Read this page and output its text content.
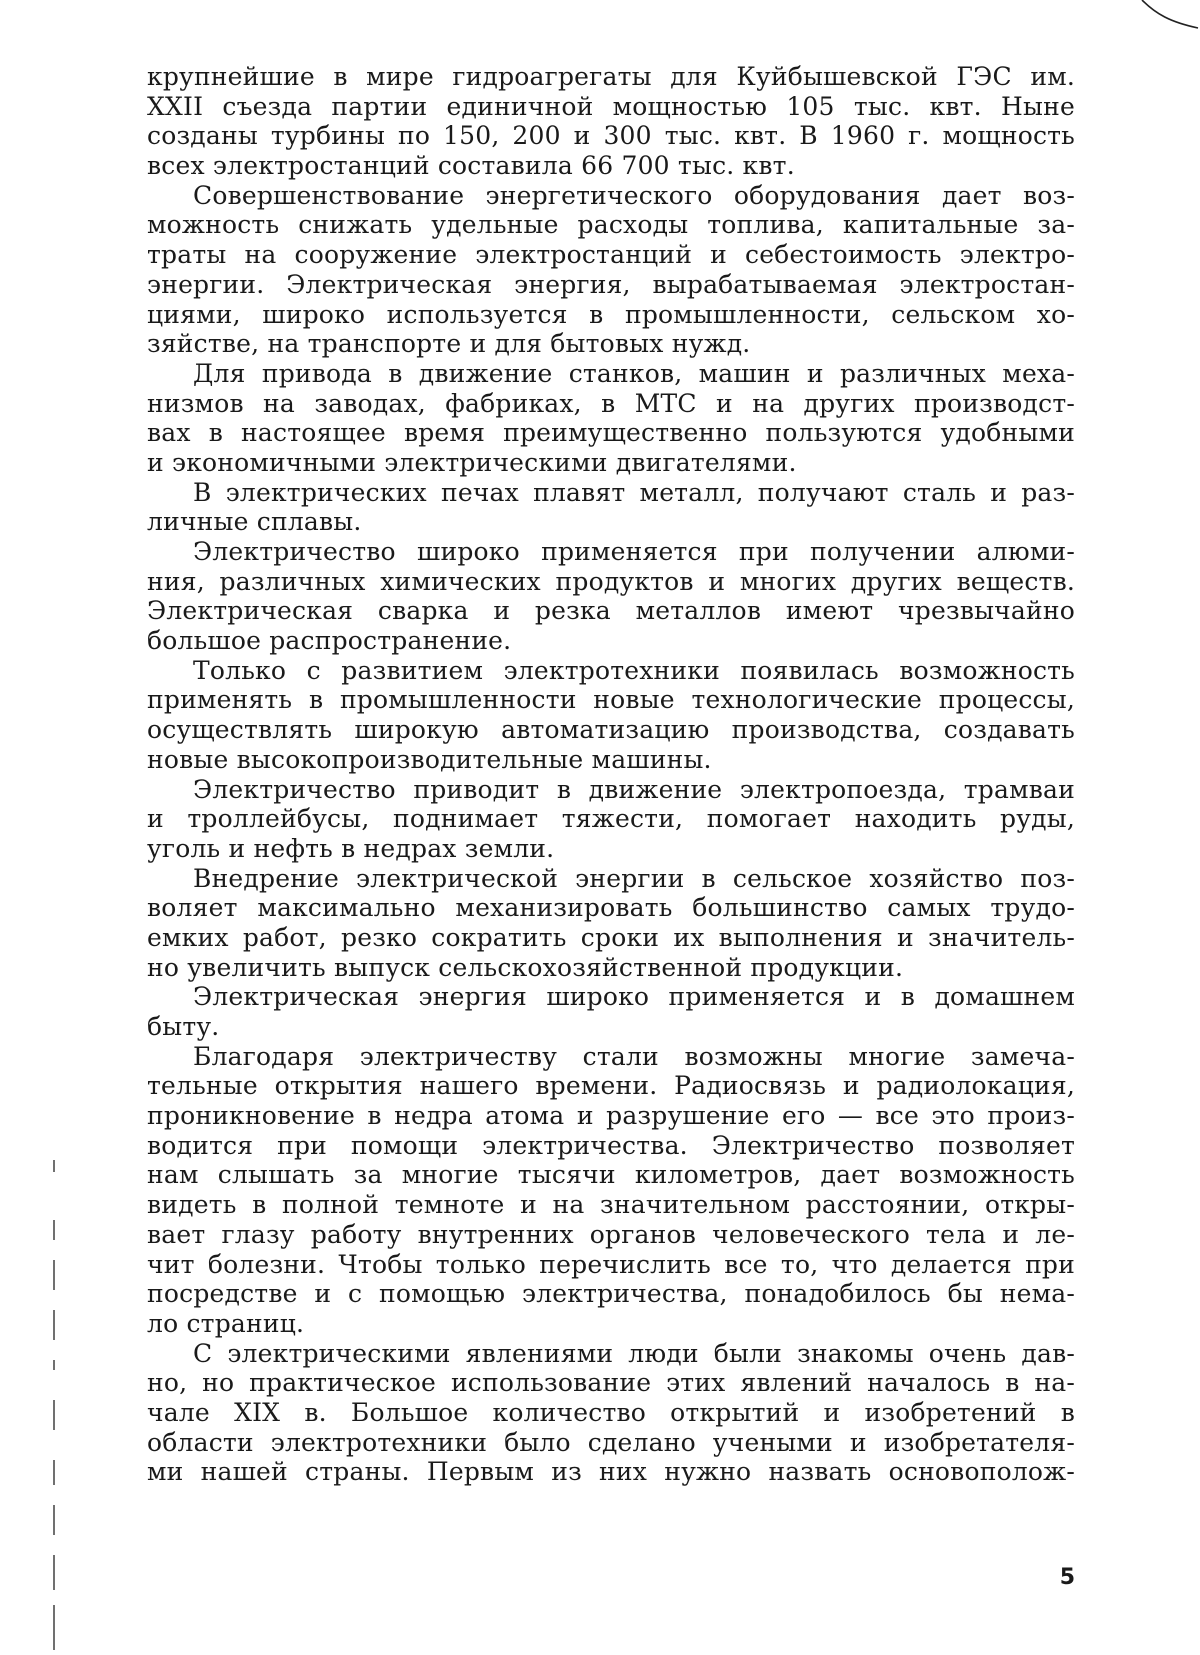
крупнейшие в мире гидроагрегаты для Куйбышевской ГЭС им.
XXII съезда партии единичной мощностью 105 тыс. квт. Ныне
созданы турбины по 150, 200 и 300 тыс. квт. В 1960 г. мощность
всех электростанций составила 66 700 тыс. квт.
Совершенствование энергетического оборудования дает воз-
можность снижать удельные расходы топлива, капитальные за-
траты на сооружение электростанций и себестоимость электро-
энергии. Электрическая энергия, вырабатываемая электростан-
циями, широко используется в промышленности, сельском хо-
зяйстве, на транспорте и для бытовых нужд.
Для привода в движение станков, машин и различных меха-
низмов на заводах, фабриках, в МТС и на других производст-
вах в настоящее время преимущественно пользуются удобными
и экономичными электрическими двигателями.
В электрических печах плавят металл, получают сталь и раз-
личные сплавы.
Электричество широко применяется при получении алюми-
ния, различных химических продуктов и многих других веществ.
Электрическая сварка и резка металлов имеют чрезвычайно
большое распространение.
Только с развитием электротехники появилась возможность
применять в промышленности новые технологические процессы,
осуществлять широкую автоматизацию производства, создавать
новые высокопроизводительные машины.
Электричество приводит в движение электропоезда, трамваи
и троллейбусы, поднимает тяжести, помогает находить руды,
уголь и нефть в недрах земли.
Внедрение электрической энергии в сельское хозяйство поз-
воляет максимально механизировать большинство самых трудо-
емких работ, резко сократить сроки их выполнения и значитель-
но увеличить выпуск сельскохозяйственной продукции.
Электрическая энергия широко применяется и в домашнем
быту.
Благодаря электричеству стали возможны многие замеча-
тельные открытия нашего времени. Радиосвязь и радиолокация,
проникновение в недра атома и разрушение его — все это произ-
водится при помощи электричества. Электричество позволяет
нам слышать за многие тысячи километров, дает возможность
видеть в полной темноте и на значительном расстоянии, откры-
вает глазу работу внутренних органов человеческого тела и ле-
чит болезни. Чтобы только перечислить все то, что делается при
посредстве и с помощью электричества, понадобилось бы нема-
ло страниц.
С электрическими явлениями люди были знакомы очень дав-
но, но практическое использование этих явлений началось в на-
чале XIX в. Большое количество открытий и изобретений в
области электротехники было сделано учеными и изобретателя-
ми нашей страны. Первым из них нужно назвать основополож-
5
